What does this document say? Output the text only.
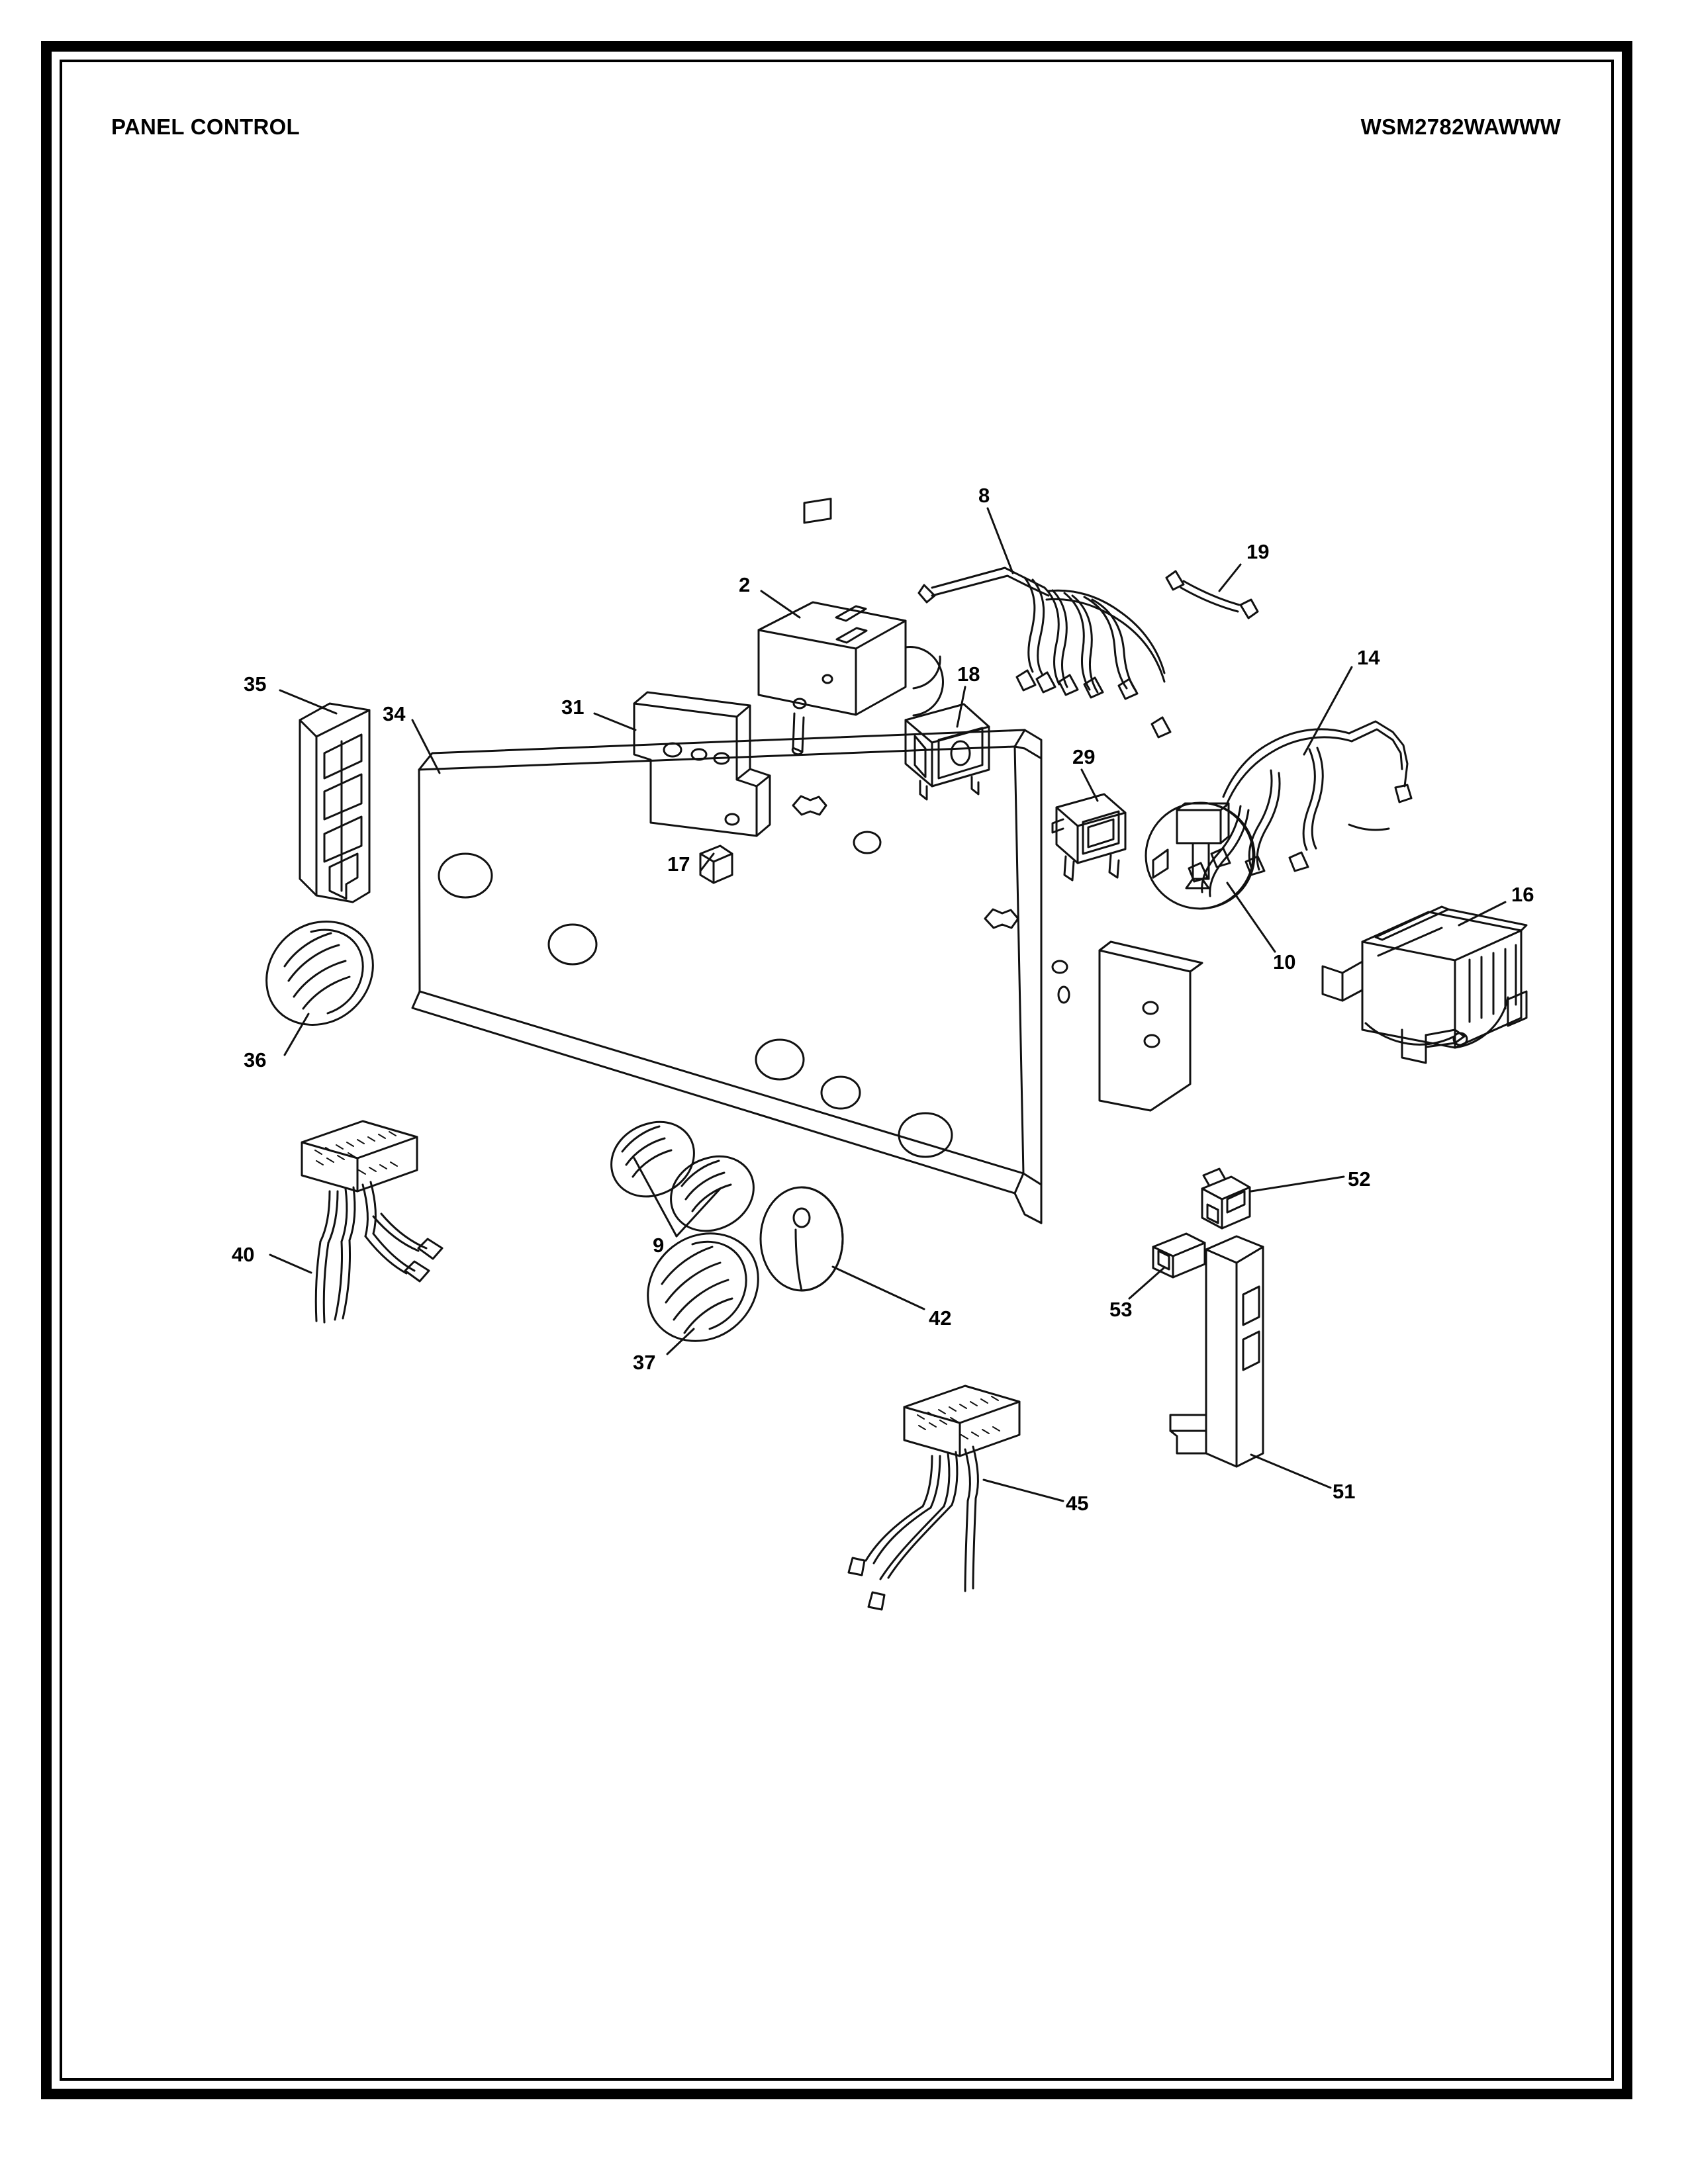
PANEL CONTROL	WSM2782WAWWW
35
34	31
2
8
19
18
29
14
10
16
17
36
40	9
37
42
52
53
51
45
